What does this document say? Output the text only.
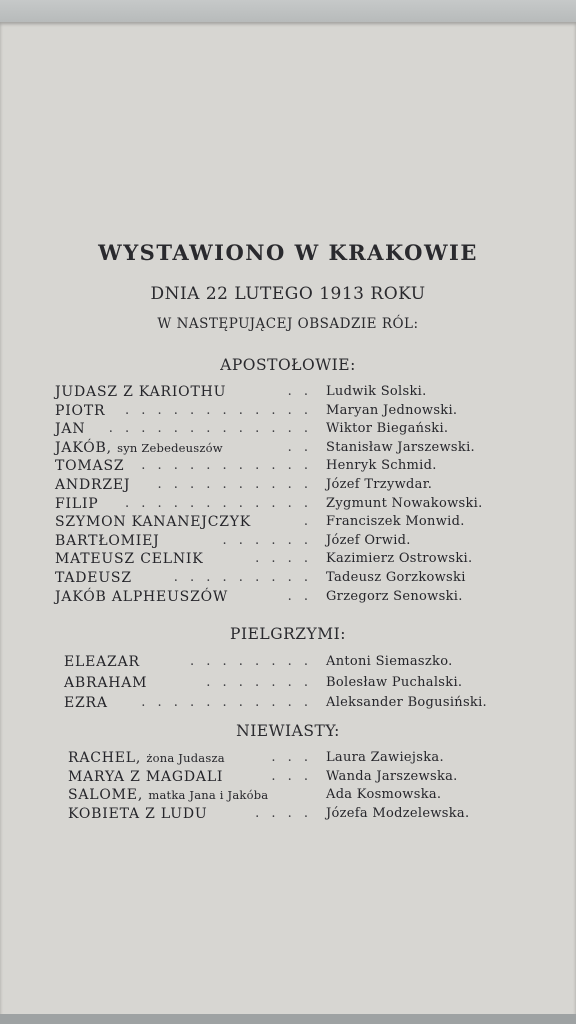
WYSTAWIONO W KRAKOWIE
DNIA 22 LUTEGO 1913 ROKU
W NASTĘPUJĄCEJ OBSADZIE RÓL:
APOSTOŁOWIE:
JUDASZ Z KARIOTHU	. . Ludwik Solski.
PIOTR . . . . . . . . . . . . Maryan Jednowski.
JAN . . . . . . . . . . . . . Wiktor Biegański.
JAKÓB, syn Zebedeuszów	. . Stanisław Jarszewski.
TOMASZ . . . . . . . . . . . Henryk Schmid.
ANDRZEJ . . . . . . . . . . Józef Trzywdar.
FILIP . . . . . . . . . . . . Zygmunt Nowakowski.
SZYMON KANANEJCZYK	. Franciszek Monwid.
BARTŁOMIEJ	. . . . . . Józef Orwid.
MATEUSZ CELNIK	. . . . Kazimierz Ostrowski.
TADEUSZ	. . . . . . . . . Tadeusz Gorzkowski
JAKÓB ALPHEUSZÓW	. . Grzegorz Senowski.
PIELGRZYMI:
ELEAZAR	. . . . . . . . Antoni Siemaszko.
ABRAHAM	. . . . . . . Bolesław Puchalski.
EZRA	. . . . . . . . . . . Aleksander Bogusiński.
NIEWIASTY:
RACHEL, żona Judasza	. . . Laura Zawiejska.
MARYA Z MAGDALI	. . . Wanda Jarszewska.
SALOME, matka Jana i Jakóba	Ada Kosmowska.
KOBIETA Z LUDU	. . . . Józefa Modzelewska.
